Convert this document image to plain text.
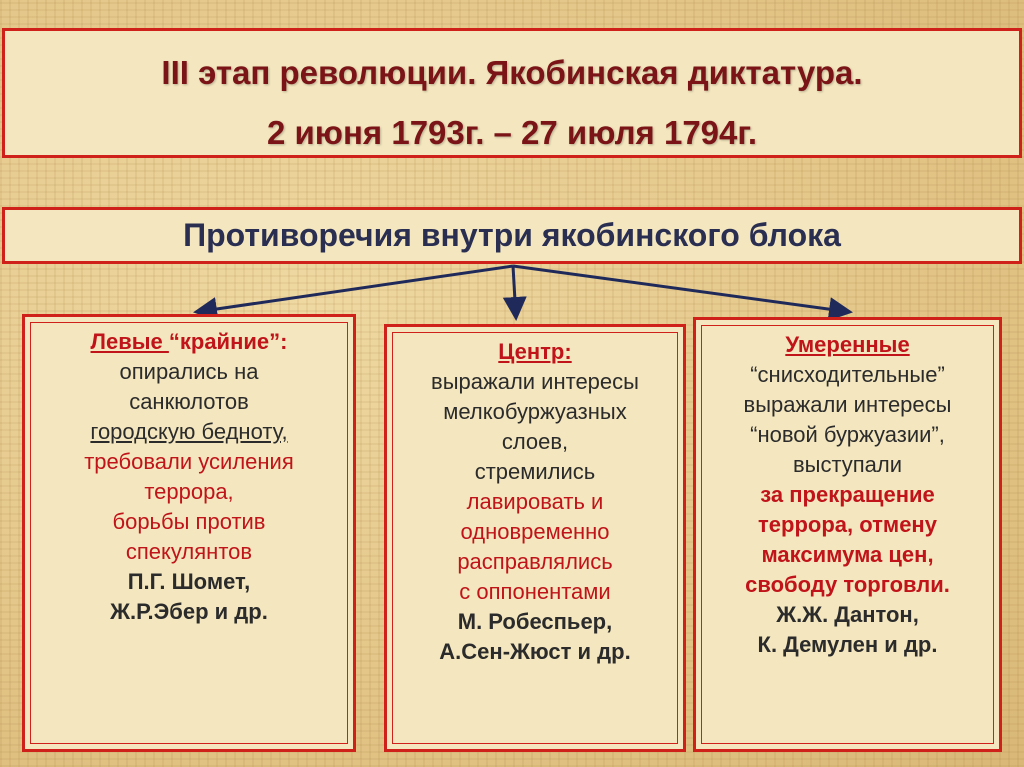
III этап революции. Якобинская диктатура.
2 июня 1793г. – 27 июля 1794г.
Противоречия внутри якобинского блока
Левые “крайние”:
опирались на
санкюлотов
городскую бедноту,
требовали усиления
террора,
борьбы против
спекулянтов
П.Г. Шомет,
Ж.Р.Эбер и др.
Центр:
выражали интересы
мелкобуржуазных
слоев,
стремились
лавировать и
одновременно
расправлялись
с оппонентами
М. Робеспьер,
А.Сен-Жюст и др.
Умеренные
“снисходительные”
выражали интересы
“новой буржуазии”,
выступали
за прекращение
террора, отмену
максимума цен,
свободу торговли.
Ж.Ж. Дантон,
К. Демулен и др.
